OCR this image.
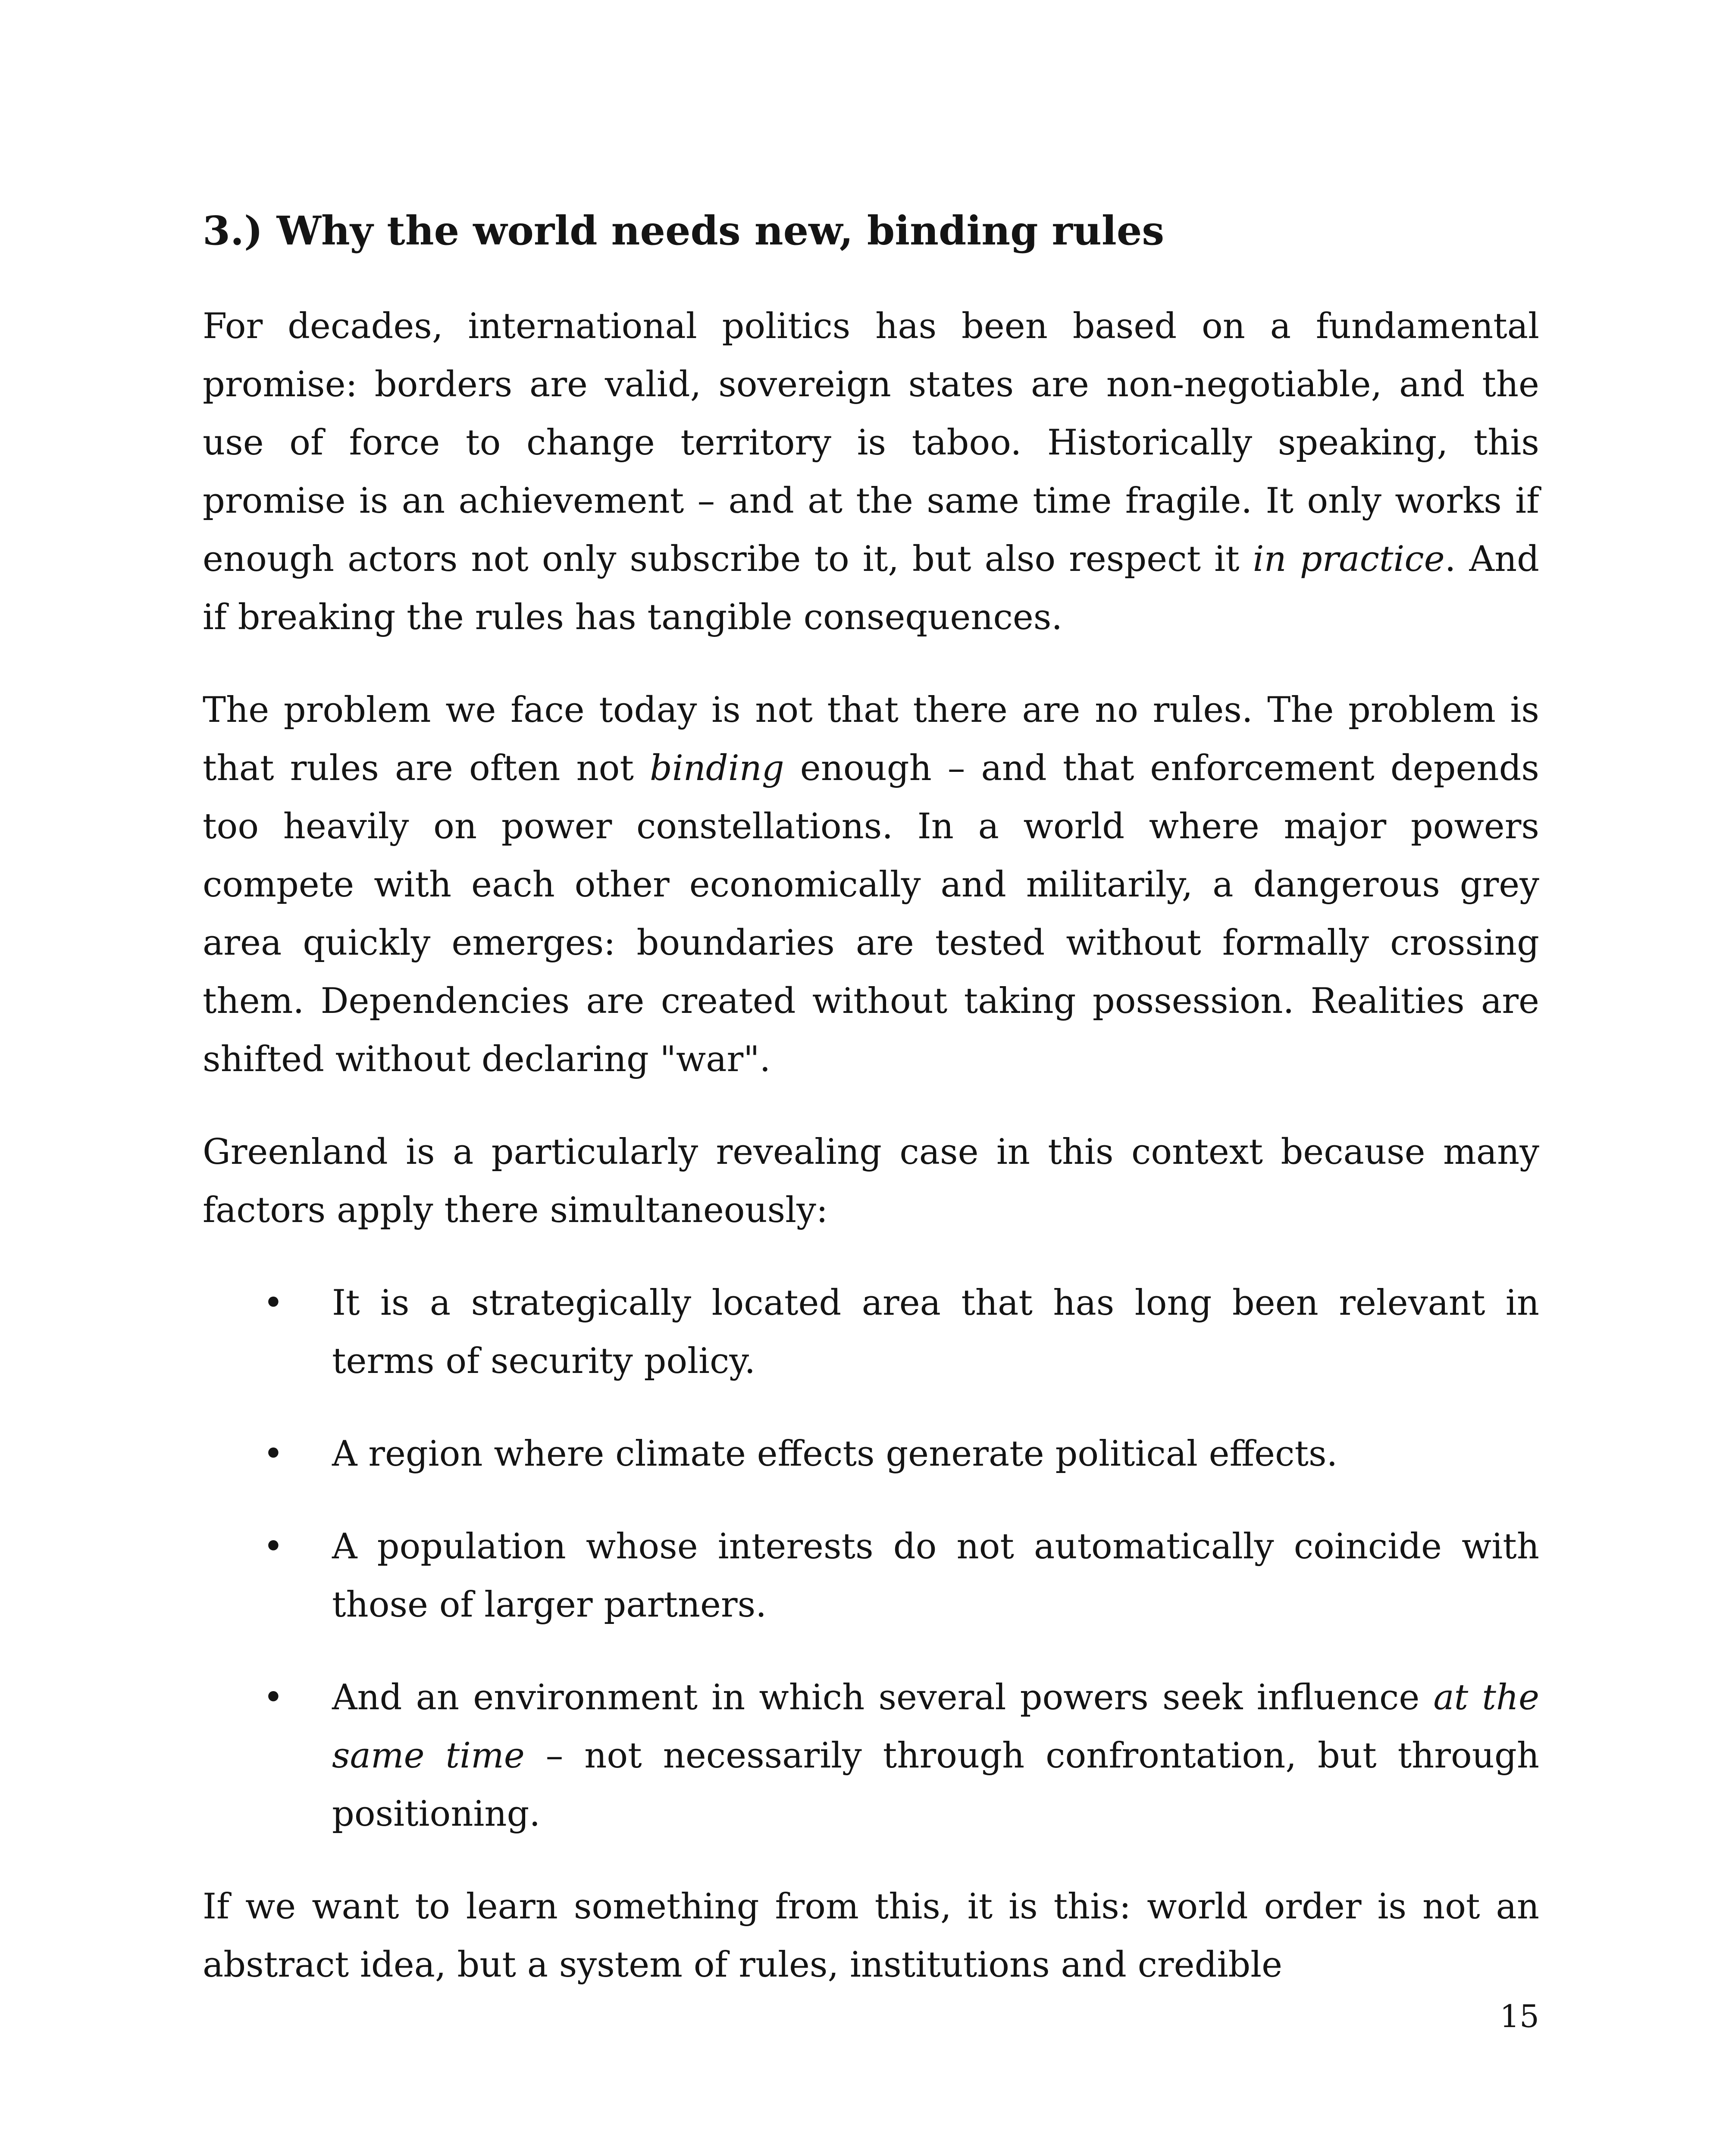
3.) Why the world needs new, binding rules

For decades, international politics has been based on a fundamental promise: borders are valid, sovereign states are non-negotiable, and the use of force to change territory is taboo. Historically speaking, this promise is an achievement – and at the same time fragile. It only works if enough actors not only subscribe to it, but also respect it in practice. And if breaking the rules has tangible consequences.

The problem we face today is not that there are no rules. The problem is that rules are often not binding enough – and that enforcement depends too heavily on power constellations. In a world where major powers compete with each other economically and militarily, a dangerous grey area quickly emerges: boundaries are tested without formally crossing them. Dependencies are created without taking possession. Realities are shifted without declaring "war".

Greenland is a particularly revealing case in this context because many factors apply there simultaneously:

• It is a strategically located area that has long been relevant in terms of security policy.
• A region where climate effects generate political effects.
• A population whose interests do not automatically coincide with those of larger partners.
• And an environment in which several powers seek influence at the same time – not necessarily through confrontation, but through positioning.

If we want to learn something from this, it is this: world order is not an abstract idea, but a system of rules, institutions and credible

15
